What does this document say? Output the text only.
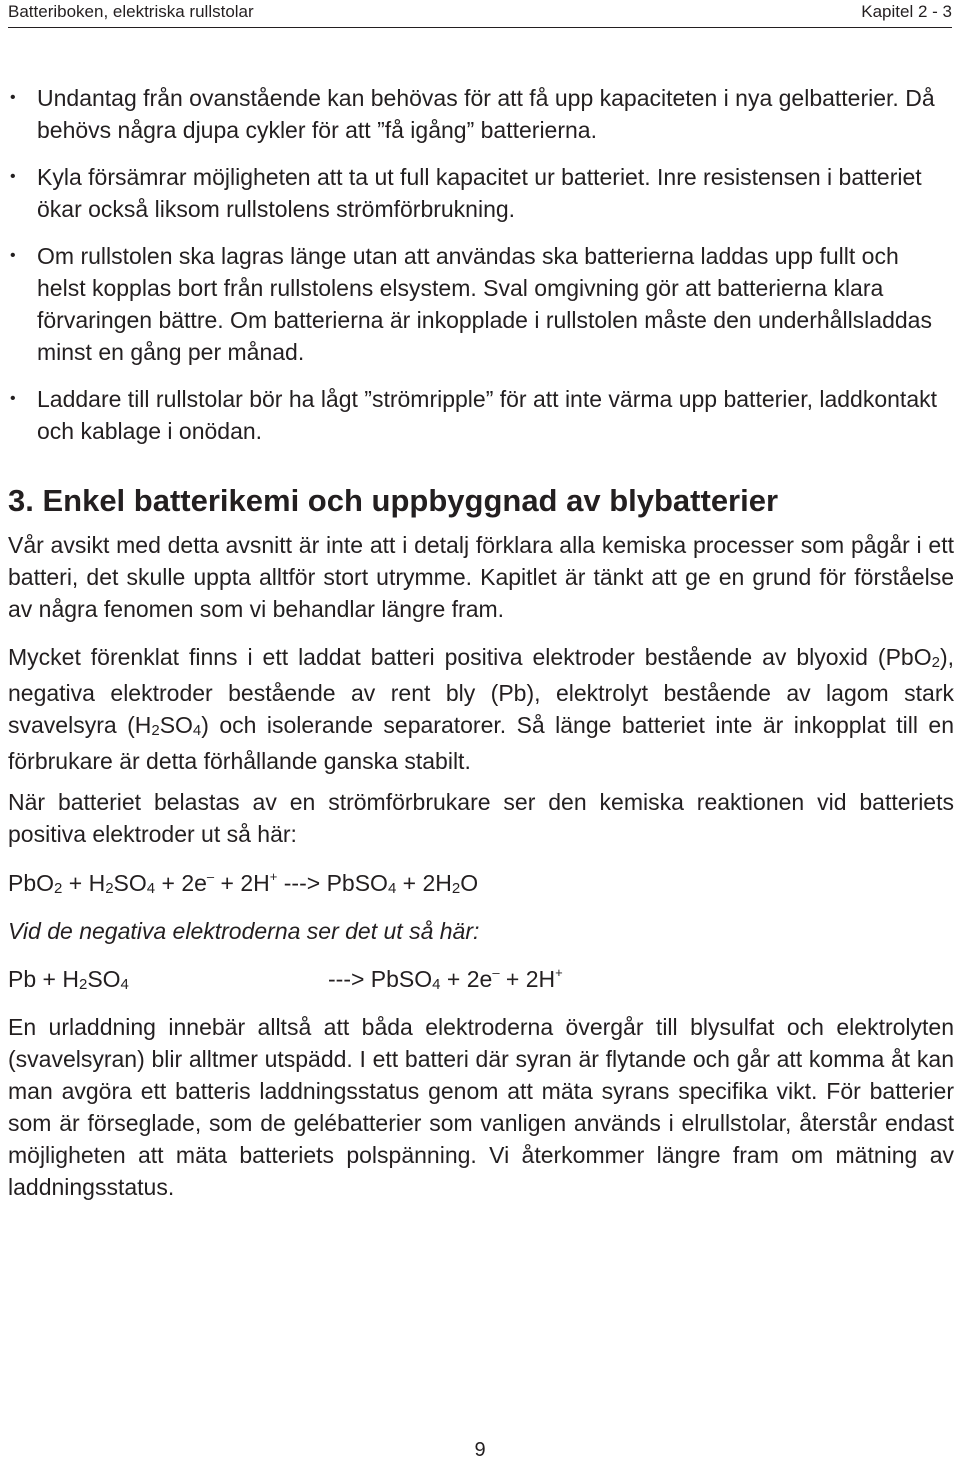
Batteriboken, elektriska rullstolar	Kapitel 2 - 3
• Undantag från ovanstående kan behövas för att få upp kapaciteten i nya gelbatterier. Då behövs några djupa cykler för att ”få igång” batterierna.

• Kyla försämrar möjligheten att ta ut full kapacitet ur batteriet. Inre resistensen i batteriet ökar också liksom rullstolens strömförbrukning.

• Om rullstolen ska lagras länge utan att användas ska batterierna laddas upp fullt och helst kopplas bort från rullstolens elsystem. Sval omgivning gör att batterierna klara förvaringen bättre. Om batterierna är inkopplade i rullstolen måste den underhållsladdas minst en gång per månad.

• Laddare till rullstolar bör ha lågt ”strömripple” för att inte värma upp batterier, laddkontakt och kablage i onödan.

3. Enkel batterikemi och uppbyggnad av blybatterier

Vår avsikt med detta avsnitt är inte att i detalj förklara alla kemiska processer som pågår i ett batteri, det skulle uppta alltför stort utrymme. Kapitlet är tänkt att ge en grund för förståelse av några fenomen som vi behandlar längre fram.

Mycket förenklat finns i ett laddat batteri positiva elektroder bestående av blyoxid (PbO$_2$), negativa elektroder bestående av rent bly (Pb), elektrolyt bestående av lagom stark svavelsyra $(H_2SO_4)$ och isolerande separatorer. Så länge batteriet inte är inkopplat till en förbrukare är detta förhållande ganska stabilt.

När batteriet belastas av en strömförbrukare ser den kemiska reaktionen vid batteriets positiva elektroder ut så här:

$PbO_2 + H_2SO_4 + 2e^- + 2H^+$ ---> PbSO$_4$ + $2H_2O$

Vid de negativa elektroderna ser det ut så här:

$Pb + H_2SO_4$	---> PbSO$_4$ + 2e– + 2H+

En urladdning innebär alltså att båda elektroderna övergår till blysulfat och elektrolyten (svavelsyran) blir alltmer utspädd. I ett batteri där syran är flytande och går att komma åt kan man avgöra ett batteris laddningsstatus genom att mäta syrans specifika vikt. För batterier som är förseglade, som de gelébatterier som vanligen används i elrullstolar, återstår endast möjligheten att mäta batteriets polspänning. Vi återkommer längre fram om mätning av laddningsstatus.

9
